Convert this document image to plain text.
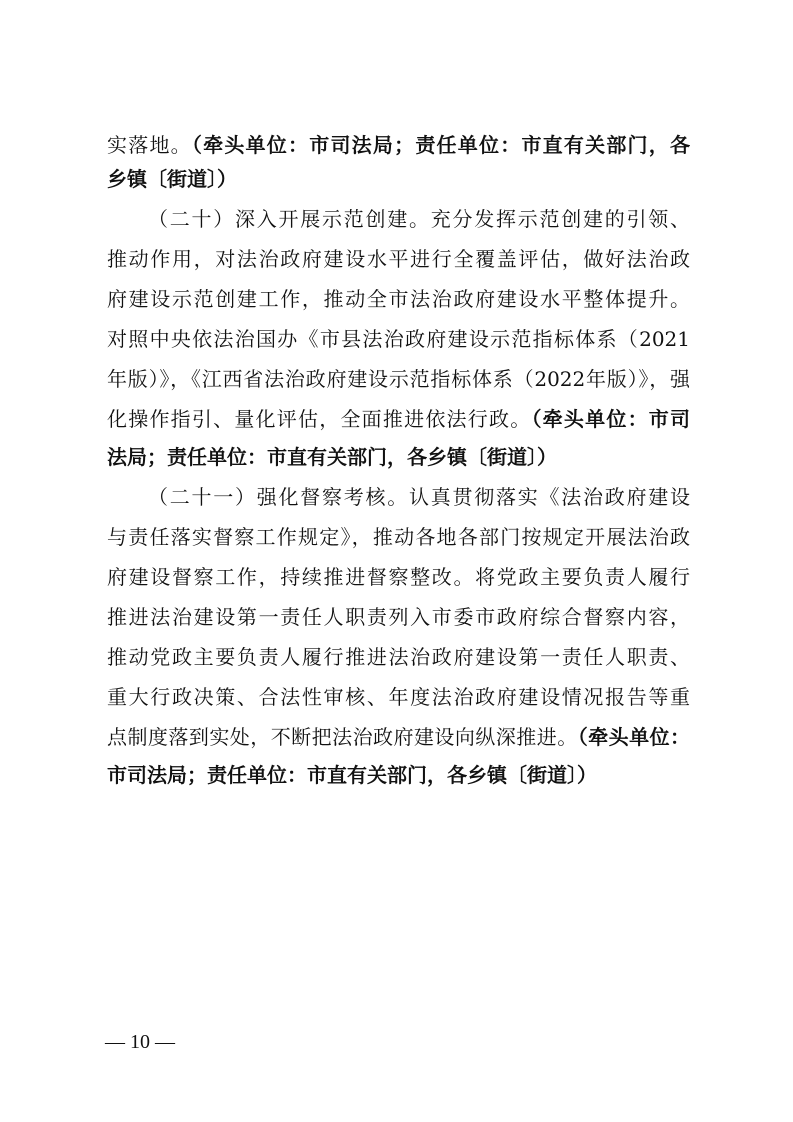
实落地。（牵头单位：市司法局；责任单位：市直有关部门，各
乡镇〔街道〕）
（二十）深入开展示范创建。充分发挥示范创建的引领、
推动作用，对法治政府建设水平进行全覆盖评估，做好法治政
府建设示范创建工作，推动全市法治政府建设水平整体提升。
对照中央依法治国办《市县法治政府建设示范指标体系（2021
年版）》，《江西省法治政府建设示范指标体系（2022年版）》，强
化操作指引、量化评估，全面推进依法行政。（牵头单位：市司
法局；责任单位：市直有关部门，各乡镇〔街道〕）
（二十一）强化督察考核。认真贯彻落实《法治政府建设
与责任落实督察工作规定》，推动各地各部门按规定开展法治政
府建设督察工作，持续推进督察整改。将党政主要负责人履行
推进法治建设第一责任人职责列入市委市政府综合督察内容，
推动党政主要负责人履行推进法治政府建设第一责任人职责、
重大行政决策、合法性审核、年度法治政府建设情况报告等重
点制度落到实处，不断把法治政府建设向纵深推进。（牵头单位：
市司法局；责任单位：市直有关部门，各乡镇〔街道〕）
— 10 —
